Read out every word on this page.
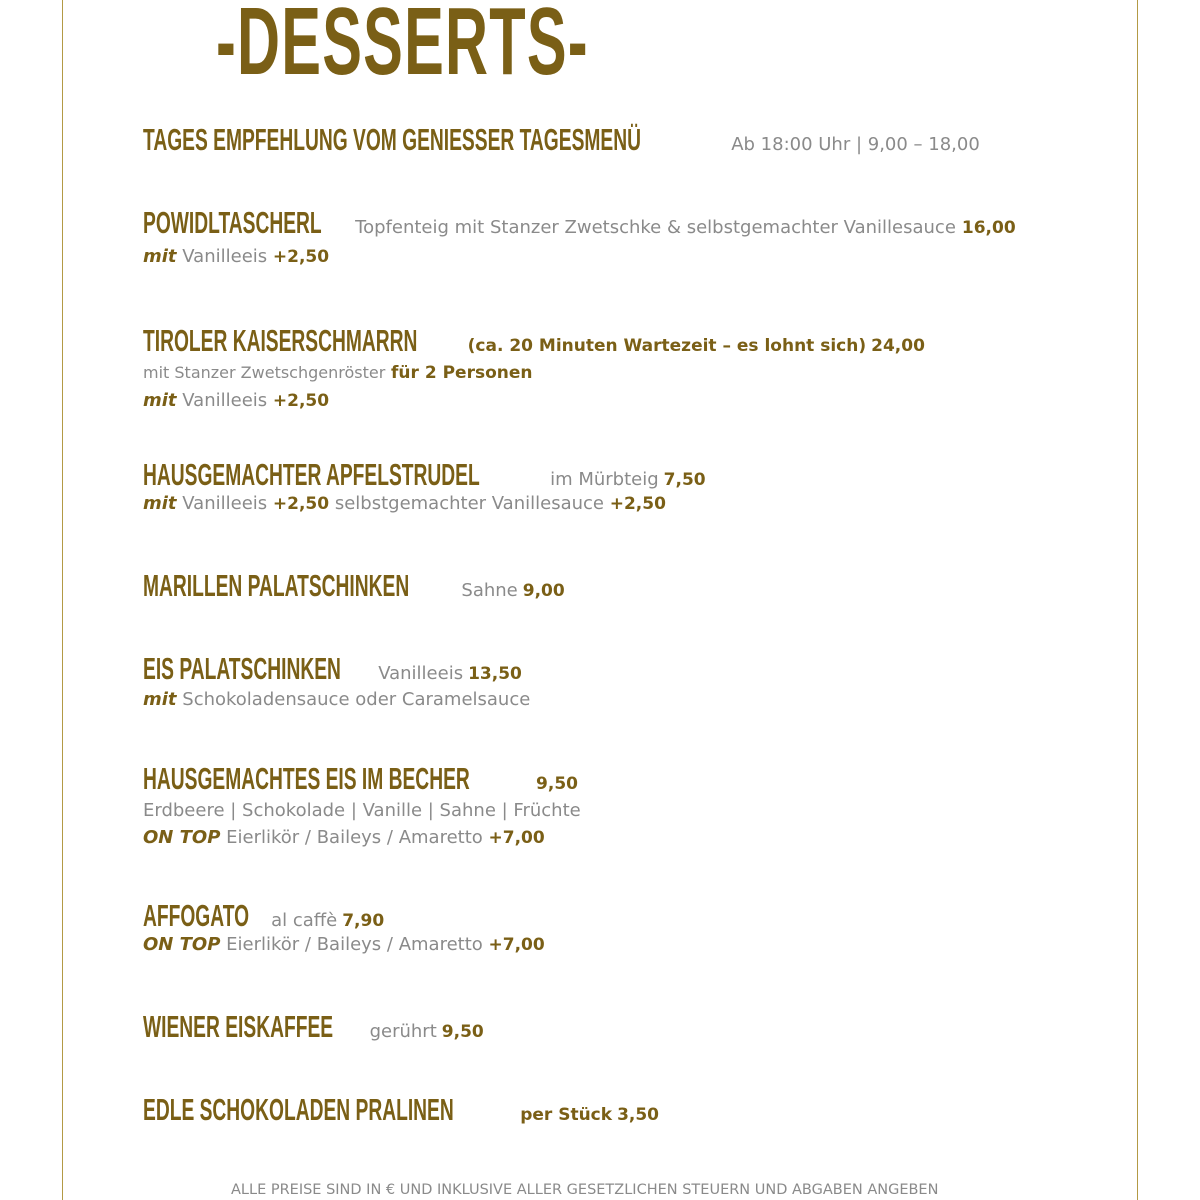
-DESSERTS-
TAGES EMPFEHLUNG VOM GENIESSER TAGESMENÜ	Ab 18:00 Uhr | 9,00 – 18,00
POWIDLTASCHERL Topfenteig mit Stanzer Zwetschke & selbstgemachter Vanillesauce 16,00
mit Vanilleeis +2,50
TIROLER KAISERSCHMARRN	(ca. 20 Minuten Wartezeit – es lohnt sich) 24,00
mit Stanzer Zwetschgenröster für 2 Personen
mit Vanilleeis +2,50
HAUSGEMACHTER APFELSTRUDEL	im Mürbteig 7,50
mit Vanilleeis +2,50 selbstgemachter Vanillesauce +2,50
MARILLEN PALATSCHINKEN	Sahne 9,00
EIS PALATSCHINKEN Vanilleeis 13,50
mit Schokoladensauce oder Caramelsauce
HAUSGEMACHTES EIS IM BECHER	9,50
Erdbeere | Schokolade | Vanille | Sahne | Früchte
ON TOP Eierlikör / Baileys / Amaretto +7,00
AFFOGATO al caffè 7,90
ON TOP Eierlikör / Baileys / Amaretto +7,00
WIENER EISKAFFEE gerührt 9,50
EDLE SCHOKOLADEN PRALINEN	per Stück 3,50
ALLE PREISE SIND IN € UND INKLUSIVE ALLER GESETZLICHEN STEUERN UND ABGABEN ANGEBEN
